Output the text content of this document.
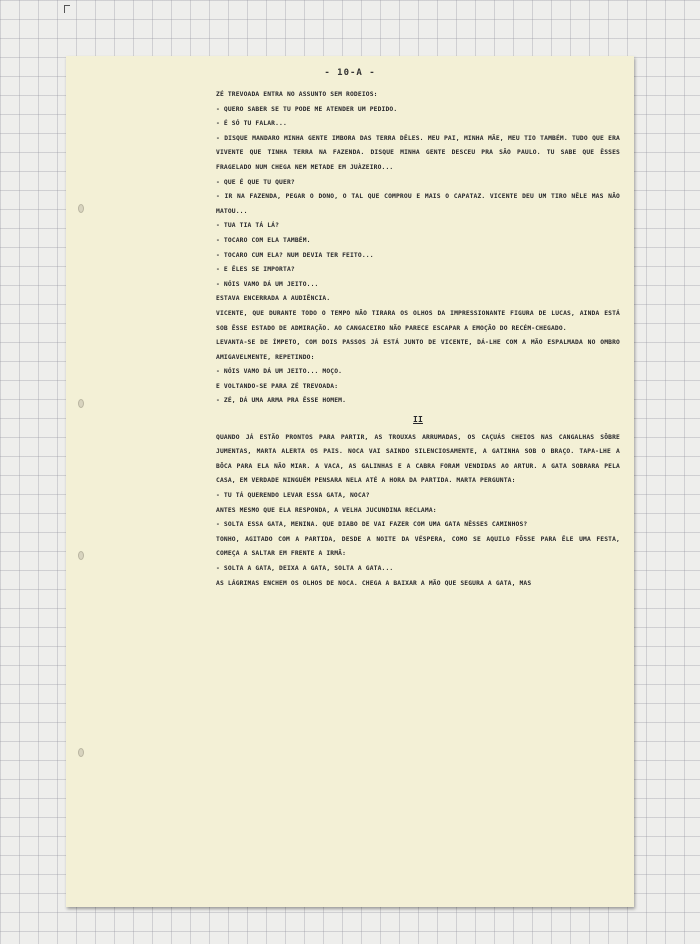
- 10-A -

ZÉ TREVOADA ENTRA NO ASSUNTO SEM RODEIOS:

- QUERO SABER SE TU PODE ME ATENDER UM PEDIDO.

- É SÓ TU FALAR...

- DISQUE MANDARO MINHA GENTE IMBORA DAS TERRA DÊLES. MEU PAI, MINHA MÃE, MEU TIO TAMBÉM. TUDO QUE ERA VIVENTE QUE TINHA TERRA NA FAZENDA. DISQUE MINHA GENTE DESCEU PRA SÃO PAULO. TU SABE QUE ÊSSES FRAGELADO NUM CHEGA NEM METADE EM JUÀZEIRO...

- QUE É QUE TU QUER?

- IR NA FAZENDA, PEGAR O DONO, O TAL QUE COMPROU E MAIS O CAPATAZ. VICENTE DEU UM TIRO NÊLE MAS NÃO MATOU...

- TUA TIA TÁ LÁ?

- TOCARO COM ELA TAMBÉM.

- TOCARO CUM ELA? NUM DEVIA TER FEITO...

- E ÊLES SE IMPORTA?

- NÓIS VAMO DÁ UM JEITO...

ESTAVA ENCERRADA A AUDIÊNCIA.

VICENTE, QUE DURANTE TODO O TEMPO NÃO TIRARA OS OLHOS DA IMPRESSIONANTE FIGURA DE LUCAS, AINDA ESTÁ SOB ÊSSE ESTADO DE ADMIRAÇÃO. AO CANGACEIRO NÃO PARECE ESCAPAR A EMOÇÃO DO RECÉM-CHEGADO.

LEVANTA-SE DE ÍMPETO, COM DOIS PASSOS JÁ ESTÁ JUNTO DE VICENTE, DÁ-LHE COM A MÃO ESPALMADA NO OMBRO AMIGAVELMENTE, REPETINDO:

- NÓIS VAMO DÁ UM JEITO... MOÇO.

E VOLTANDO-SE PARA ZÉ TREVOADA:

- ZÉ, DÁ UMA ARMA PRA ÊSSE HOMEM.

II

QUANDO JÁ ESTÃO PRONTOS PARA PARTIR, AS TROUXAS ARRUMADAS, OS CAÇUÁS CHEIOS NAS CANGALHAS SÔBRE JUMENTAS, MARTA ALERTA OS PAIS. NOCA VAI SAINDO SILENCIOSAMENTE, A GATINHA SOB O BRAÇO. TAPA-LHE A BÔCA PARA ELA NÃO MIAR. A VACA, AS GALINHAS E A CABRA FORAM VENDIDAS AO ARTUR. A GATA SOBRARA PELA CASA, EM VERDADE NINGUÉM PENSARA NELA ATÉ A HORA DA PARTIDA. MARTA PERGUNTA:

- TU TÁ QUERENDO LEVAR ESSA GATA, NOCA?

ANTES MESMO QUE ELA RESPONDA, A VELHA JUCUNDINA RECLAMA:

- SOLTA ESSA GATA, MENINA. QUE DIABO DE VAI FAZER COM UMA GATA NÊSSES CAMINHOS?

TONHO, AGITADO COM A PARTIDA, DESDE A NOITE DA VÉSPERA, COMO SE AQUILO FÔSSE PARA ÊLE UMA FESTA, COMEÇA A SALTAR EM FRENTE A IRMÃ:

- SOLTA A GATA, DEIXA A GATA, SOLTA A GATA...

AS LÁGRIMAS ENCHEM OS OLHOS DE NOCA. CHEGA A BAIXAR A MÃO QUE SEGURA A GATA, MAS
